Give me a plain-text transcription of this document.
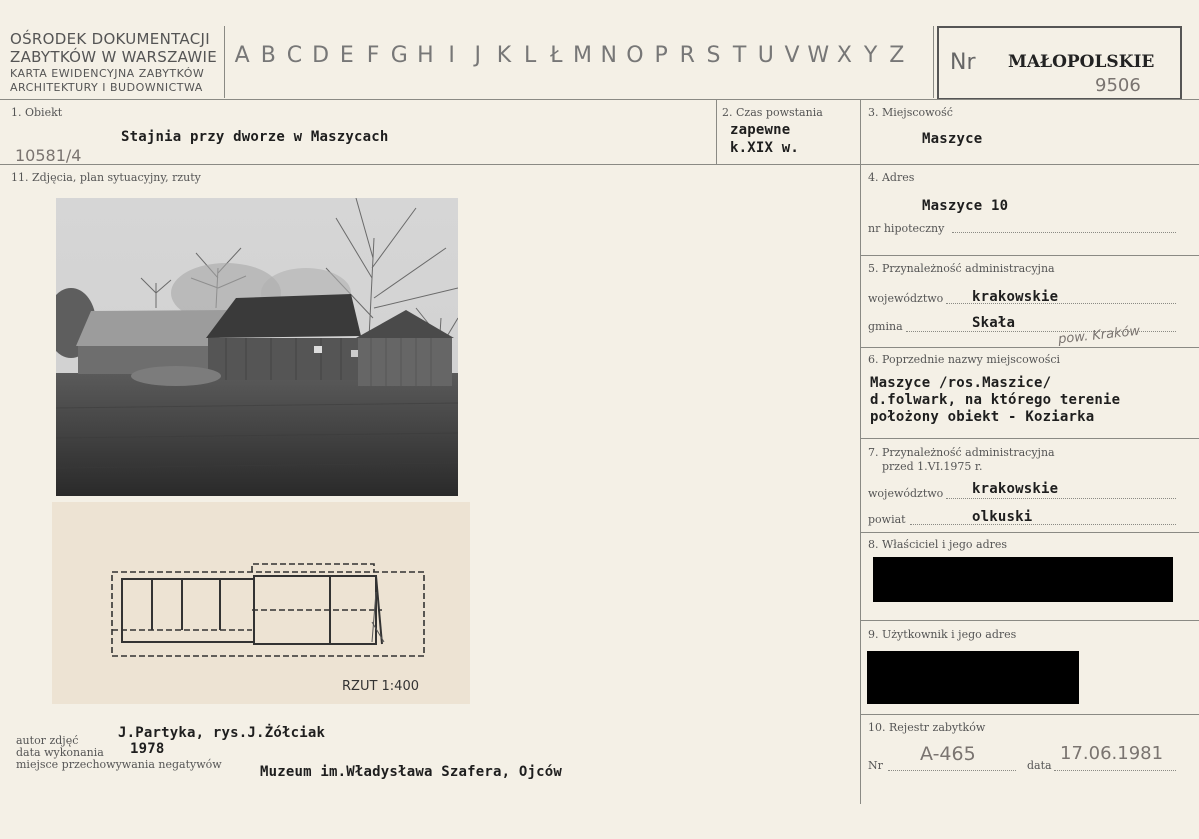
OŚRODEK DOKUMENTACJI
ZABYTKÓW W WARSZAWIE
KARTA EWIDENCYJNA ZABYTKÓW
ARCHITEKTURY I BUDOWNICTWA
A B C D E F G H I J K L Ł M N O P R S T U V W X Y Z Nr MAŁOPOLSKIE
9506
1. Obiekt
Stajnia przy dworze w Maszycach
10581/4
2. Czas powstania
zapewne
k.XIX w.
3. Miejscowość
Maszyce
11. Zdjęcia, plan sytuacyjny, rzuty	4. Adres
Maszyce 10
nr hipoteczny
5. Przynależność administracyjna
województwo krakowskie
gmina	Skała
pow. Kraków
6. Poprzednie nazwy miejscowości
Maszyce /ros.Maszice/
d.folwark, na którego terenie
położony obiekt - Koziarka
7. Przynależność administracyjna
przed 1.VI.1975 r.
województwo krakowskie
powiat	olkuski
8. Właściciel i jego adres
9. Użytkownik i jego adres
10. Rejestr zabytków
Nr
A-465
data
17.06.1981
RZUT 1:400
autor zdjęć	J.Partyka, rys.J.Żółciak
data wykonania 1978
miejsce przechowywania negatywów	Muzeum im.Władysława Szafera, Ojców
